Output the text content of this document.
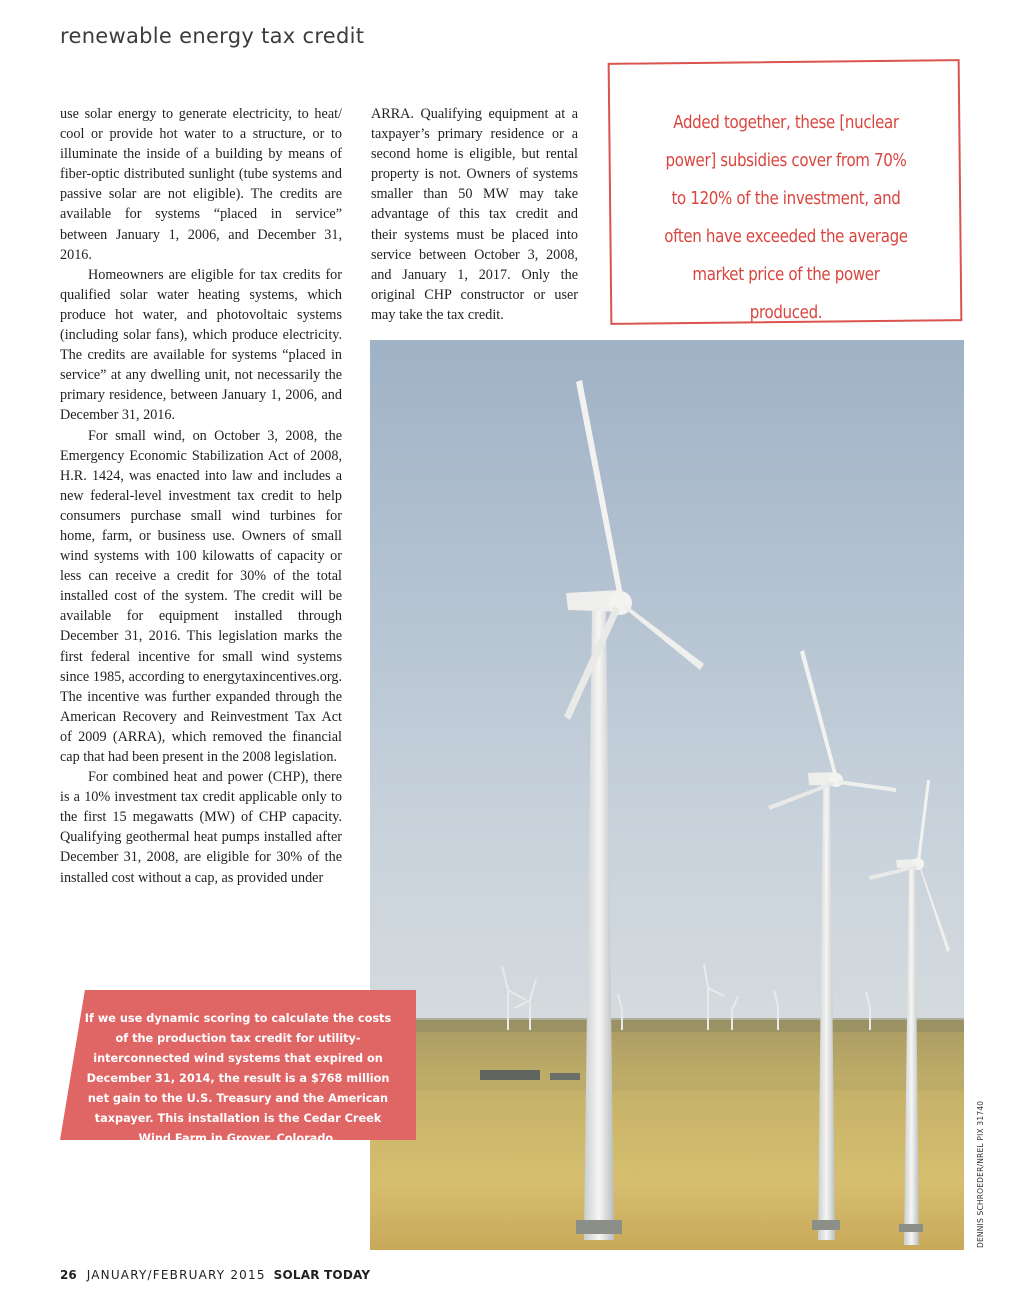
renewable energy tax credit

use solar energy to generate electricity, to heat/ cool or provide hot water to a structure, or to illuminate the inside of a building by means of fiber-optic distributed sunlight (tube systems and passive solar are not eligible). The credits are available for systems “placed in service” between January 1, 2006, and December 31, 2016.

Homeowners are eligible for tax credits for qualified solar water heating systems, which produce hot water, and photovoltaic systems (including solar fans), which produce electricity. The credits are available for systems “placed in service” at any dwelling unit, not necessarily the primary residence, between January 1, 2006, and December 31, 2016.

For small wind, on October 3, 2008, the Emergency Economic Stabilization Act of 2008, H.R. 1424, was enacted into law and includes a new federal-level investment tax credit to help consumers purchase small wind turbines for home, farm, or business use. Owners of small wind systems with 100 kilowatts of capacity or less can receive a credit for 30% of the total installed cost of the system. The credit will be available for equipment installed through December 31, 2016. This legislation marks the first federal incentive for small wind systems since 1985, according to energytaxincentives.org. The incentive was further expanded through the American Recovery and Reinvestment Tax Act of 2009 (ARRA), which removed the financial cap that had been present in the 2008 legislation.

For combined heat and power (CHP), there is a 10% investment tax credit applicable only to the first 15 megawatts (MW) of CHP capacity. Qualifying geothermal heat pumps installed after December 31, 2008, are eligible for 30% of the installed cost without a cap, as provided under

ARRA. Qualifying equipment at a taxpayer’s primary residence or a second home is eligible, but rental property is not. Owners of systems smaller than 50 MW may take advantage of this tax credit and their systems must be placed into service between October 3, 2008, and January 1, 2017. Only the original CHP constructor or user may take the tax credit.

Added together, these [nuclear power] subsidies cover from 70% to 120% of the investment, and often have exceeded the average market price of the power produced.
If we use dynamic scoring to calculate the costs of the production tax credit for utility-interconnected wind systems that expired on December 31, 2014, the result is a $768 million net gain to the U.S. Treasury and the American taxpayer. This installation is the Cedar Creek Wind Farm in Grover, Colorado.	DENNIS SCHROEDER/NREL PIX 31740
26 JANUARY/FEBRUARY 2015 SOLAR TODAY
